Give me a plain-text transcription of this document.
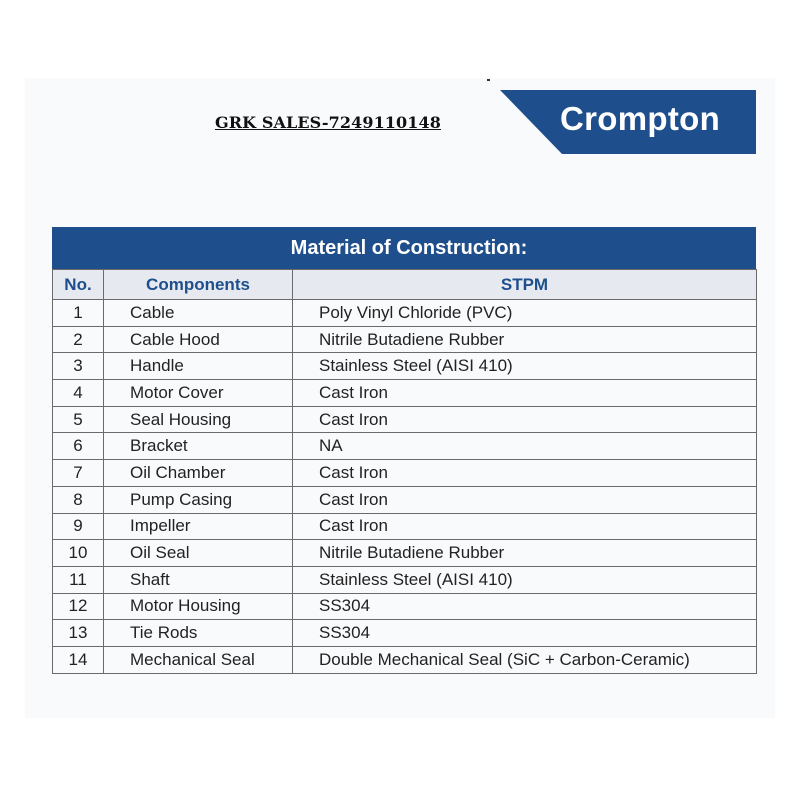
GRK SALES-7249110148	Crompton
Material of Construction:
No.	Components	STPM
1	Cable	Poly Vinyl Chloride (PVC)
2	Cable Hood	Nitrile Butadiene Rubber
3	Handle	Stainless Steel (AISI 410)
4	Motor Cover	Cast Iron
5	Seal Housing	Cast Iron
6	Bracket	NA
7	Oil Chamber	Cast Iron
8	Pump Casing	Cast Iron
9	Impeller	Cast Iron
10	Oil Seal	Nitrile Butadiene Rubber
11	Shaft	Stainless Steel (AISI 410)
12	Motor Housing	SS304
13	Tie Rods	SS304
14	Mechanical Seal	Double Mechanical Seal (SiC + Carbon-Ceramic)
